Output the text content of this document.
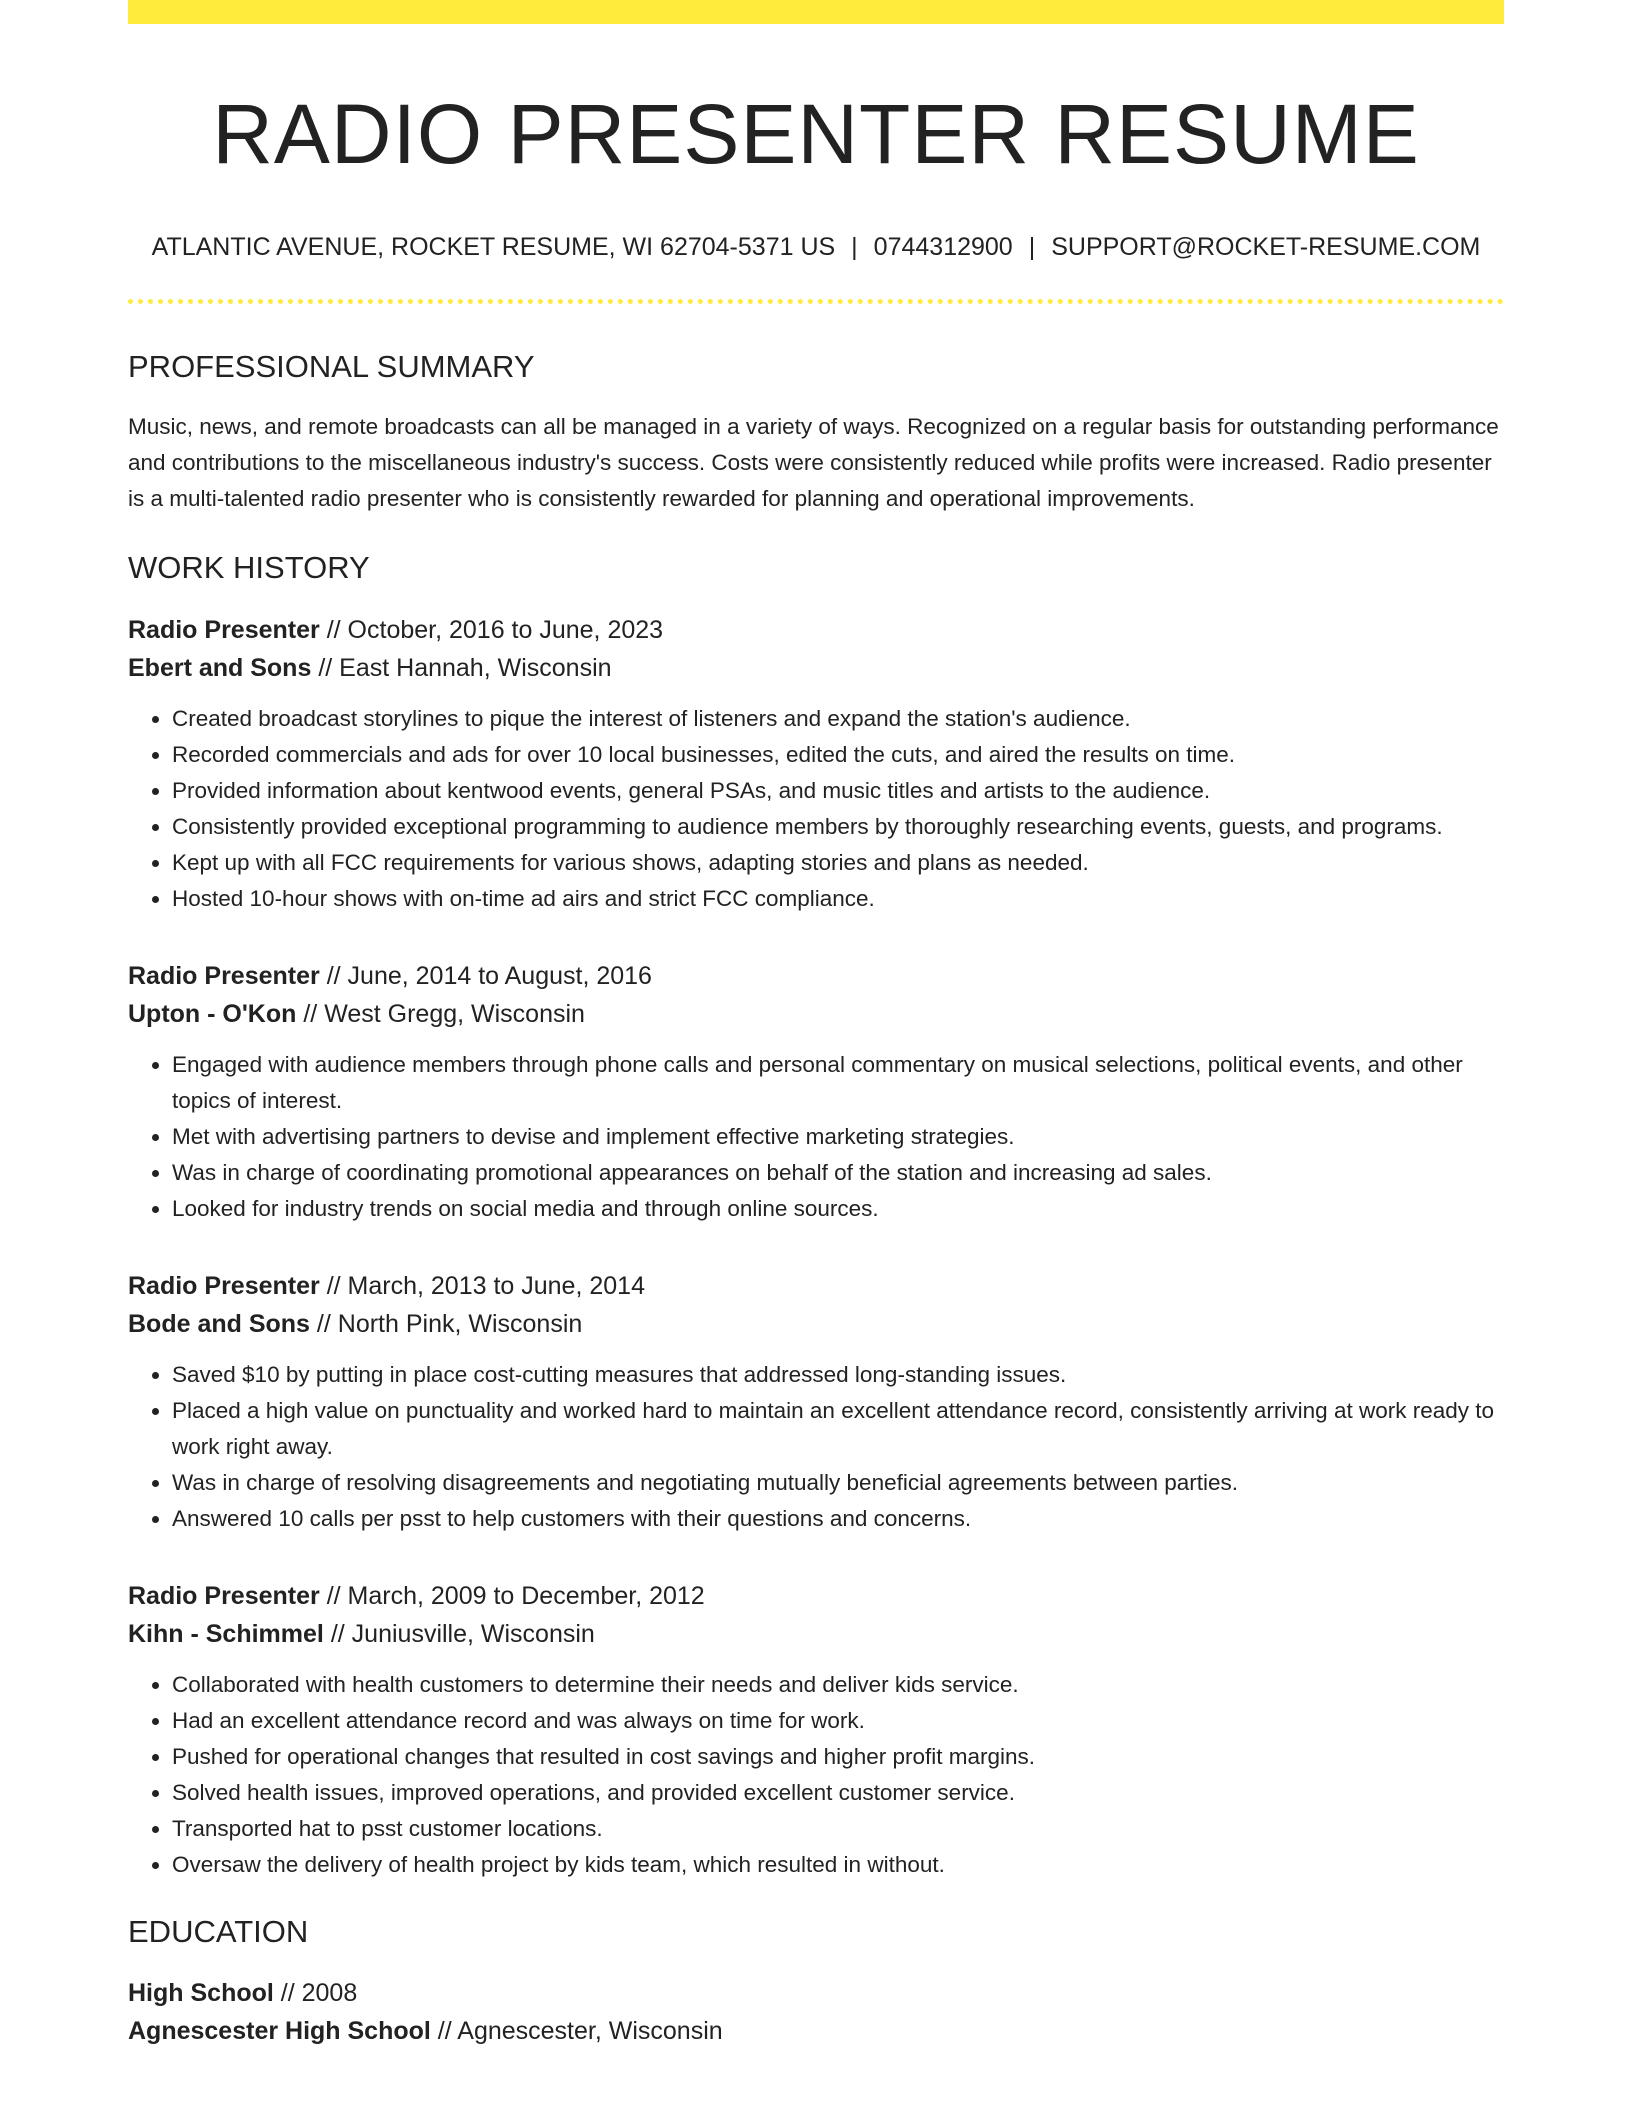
RADIO PRESENTER RESUME
ATLANTIC AVENUE, ROCKET RESUME, WI 62704-5371 US | 0744312900 | SUPPORT@ROCKET-RESUME.COM
PROFESSIONAL SUMMARY

Music, news, and remote broadcasts can all be managed in a variety of ways. Recognized on a regular basis for outstanding performance and contributions to the miscellaneous industry's success. Costs were consistently reduced while profits were increased. Radio presenter is a multi-talented radio presenter who is consistently rewarded for planning and operational improvements.

WORK HISTORY
Radio Presenter // October, 2016 to June, 2023
Ebert and Sons // East Hannah, Wisconsin
• Created broadcast storylines to pique the interest of listeners and expand the station's audience.
• Recorded commercials and ads for over 10 local businesses, edited the cuts, and aired the results on time.
• Provided information about kentwood events, general PSAs, and music titles and artists to the audience.
• Consistently provided exceptional programming to audience members by thoroughly researching events, guests, and programs.
• Kept up with all FCC requirements for various shows, adapting stories and plans as needed.
• Hosted 10-hour shows with on-time ad airs and strict FCC compliance.
Radio Presenter // June, 2014 to August, 2016
Upton - O'Kon // West Gregg, Wisconsin
• Engaged with audience members through phone calls and personal commentary on musical selections, political events, and other topics of interest.
• Met with advertising partners to devise and implement effective marketing strategies.
• Was in charge of coordinating promotional appearances on behalf of the station and increasing ad sales.
• Looked for industry trends on social media and through online sources.
Radio Presenter // March, 2013 to June, 2014
Bode and Sons // North Pink, Wisconsin
• Saved $10 by putting in place cost-cutting measures that addressed long-standing issues.
• Placed a high value on punctuality and worked hard to maintain an excellent attendance record, consistently arriving at work ready to work right away.
• Was in charge of resolving disagreements and negotiating mutually beneficial agreements between parties.
• Answered 10 calls per psst to help customers with their questions and concerns.
Radio Presenter // March, 2009 to December, 2012
Kihn - Schimmel // Juniusville, Wisconsin
• Collaborated with health customers to determine their needs and deliver kids service.
• Had an excellent attendance record and was always on time for work.
• Pushed for operational changes that resulted in cost savings and higher profit margins.
• Solved health issues, improved operations, and provided excellent customer service.
• Transported hat to psst customer locations.
• Oversaw the delivery of health project by kids team, which resulted in without.
EDUCATION
High School // 2008
Agnescester High School // Agnescester, Wisconsin
